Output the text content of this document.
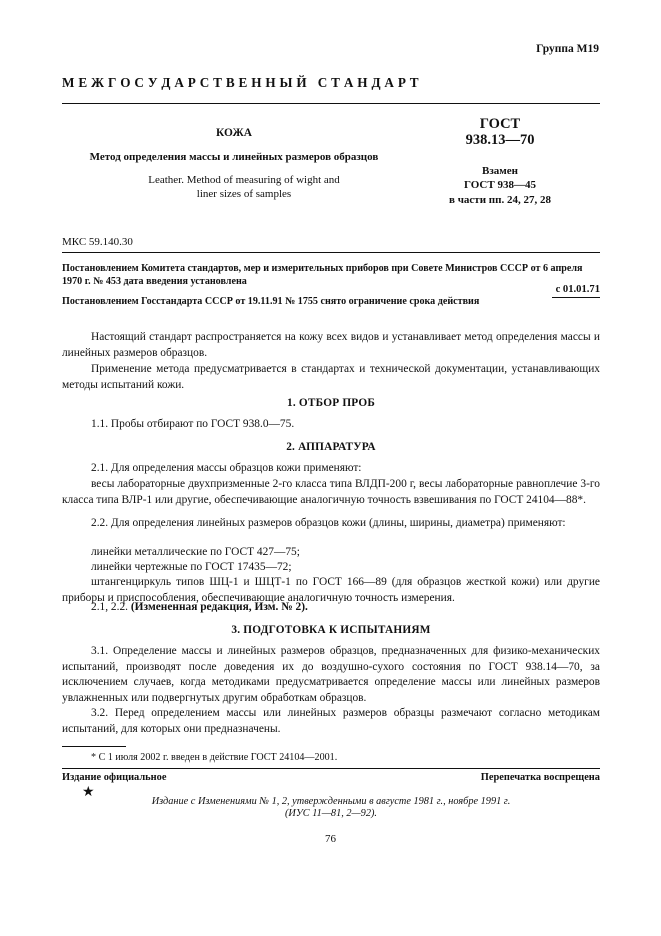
Группа М19
М Е Ж Г О С У Д А Р С Т В Е Н Н Ы Й   С Т А Н Д А Р Т
КОЖА
Метод определения массы и линейных размеров образцов
Leather. Method of measuring of wight and liner sizes of samples
ГОСТ
938.13—70
Взамен
ГОСТ 938—45
в части пп. 24, 27, 28
МКС 59.140.30
Постановлением Комитета стандартов, мер и измерительных приборов при Совете Министров СССР от 6 апреля 1970 г. № 453 дата введения установлена
с 01.01.71
Постановлением Госстандарта СССР от 19.11.91 № 1755 снято ограничение срока действия
Настоящий стандарт распространяется на кожу всех видов и устанавливает метод определения массы и линейных размеров образцов.
Применение метода предусматривается в стандартах и технической документации, устанавливающих методы испытаний кожи.
1. ОТБОР ПРОБ
1.1. Пробы отбирают по ГОСТ 938.0—75.
2. АППАРАТУРА
2.1. Для определения массы образцов кожи применяют:
весы лабораторные двухпризменные 2-го класса типа ВЛДП-200 г, весы лабораторные равноплечие 3-го класса типа ВЛР-1 или другие, обеспечивающие аналогичную точность взвешивания по ГОСТ 24104—88*.
2.2. Для определения линейных размеров образцов кожи (длины, ширины, диаметра) применяют:
линейки металлические по ГОСТ 427—75;
линейки чертежные по ГОСТ 17435—72;
штангенциркуль типов ШЦ-1 и ШЦТ-1 по ГОСТ 166—89 (для образцов жесткой кожи) или другие приборы и приспособления, обеспечивающие аналогичную точность измерения.
2.1, 2.2. (Измененная редакция, Изм. № 2).
3. ПОДГОТОВКА К ИСПЫТАНИЯМ
3.1. Определение массы и линейных размеров образцов, предназначенных для физико-механических испытаний, производят после доведения их до воздушно-сухого состояния по ГОСТ 938.14—70, за исключением случаев, когда методиками предусматривается определение массы или линейных размеров увлажненных или подвергнутых другим обработкам образцов.
3.2. Перед определением массы или линейных размеров образцы размечают согласно методикам испытаний, для которых они предназначены.
* С 1 июля 2002 г. введен в действие ГОСТ 24104—2001.
Издание официальное	Перепечатка воспрещена
★
Издание с Изменениями № 1, 2, утвержденными в августе 1981 г., ноябре 1991 г.
(ИУС 11—81, 2—92).
76
